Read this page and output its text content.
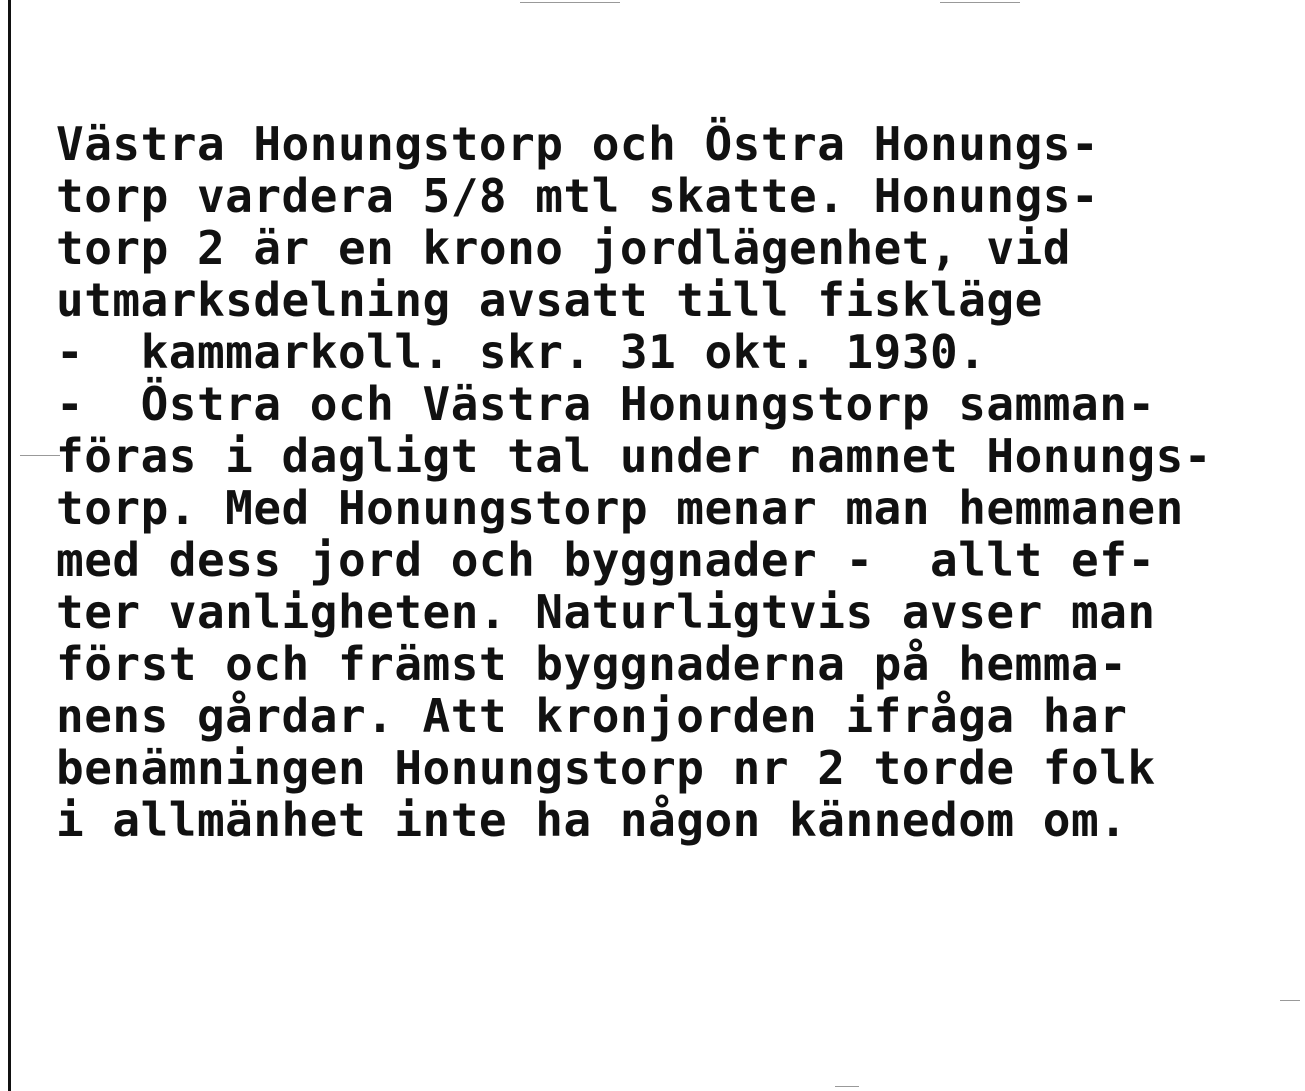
Västra Honungstorp och Östra Honungs-
torp vardera 5/8 mtl skatte. Honungs-
torp 2 är en krono jordlägenhet, vid
utmarksdelning avsatt till fiskläge
-  kammarkoll. skr. 31 okt. 1930.
-  Östra och Västra Honungstorp samman-
föras i dagligt tal under namnet Honungs-
torp. Med Honungstorp menar man hemmanen
med dess jord och byggnader -  allt ef-
ter vanligheten. Naturligtvis avser man
först och främst byggnaderna på hemma-
nens gårdar. Att kronjorden ifråga har
benämningen Honungstorp nr 2 torde folk
i allmänhet inte ha någon kännedom om.
